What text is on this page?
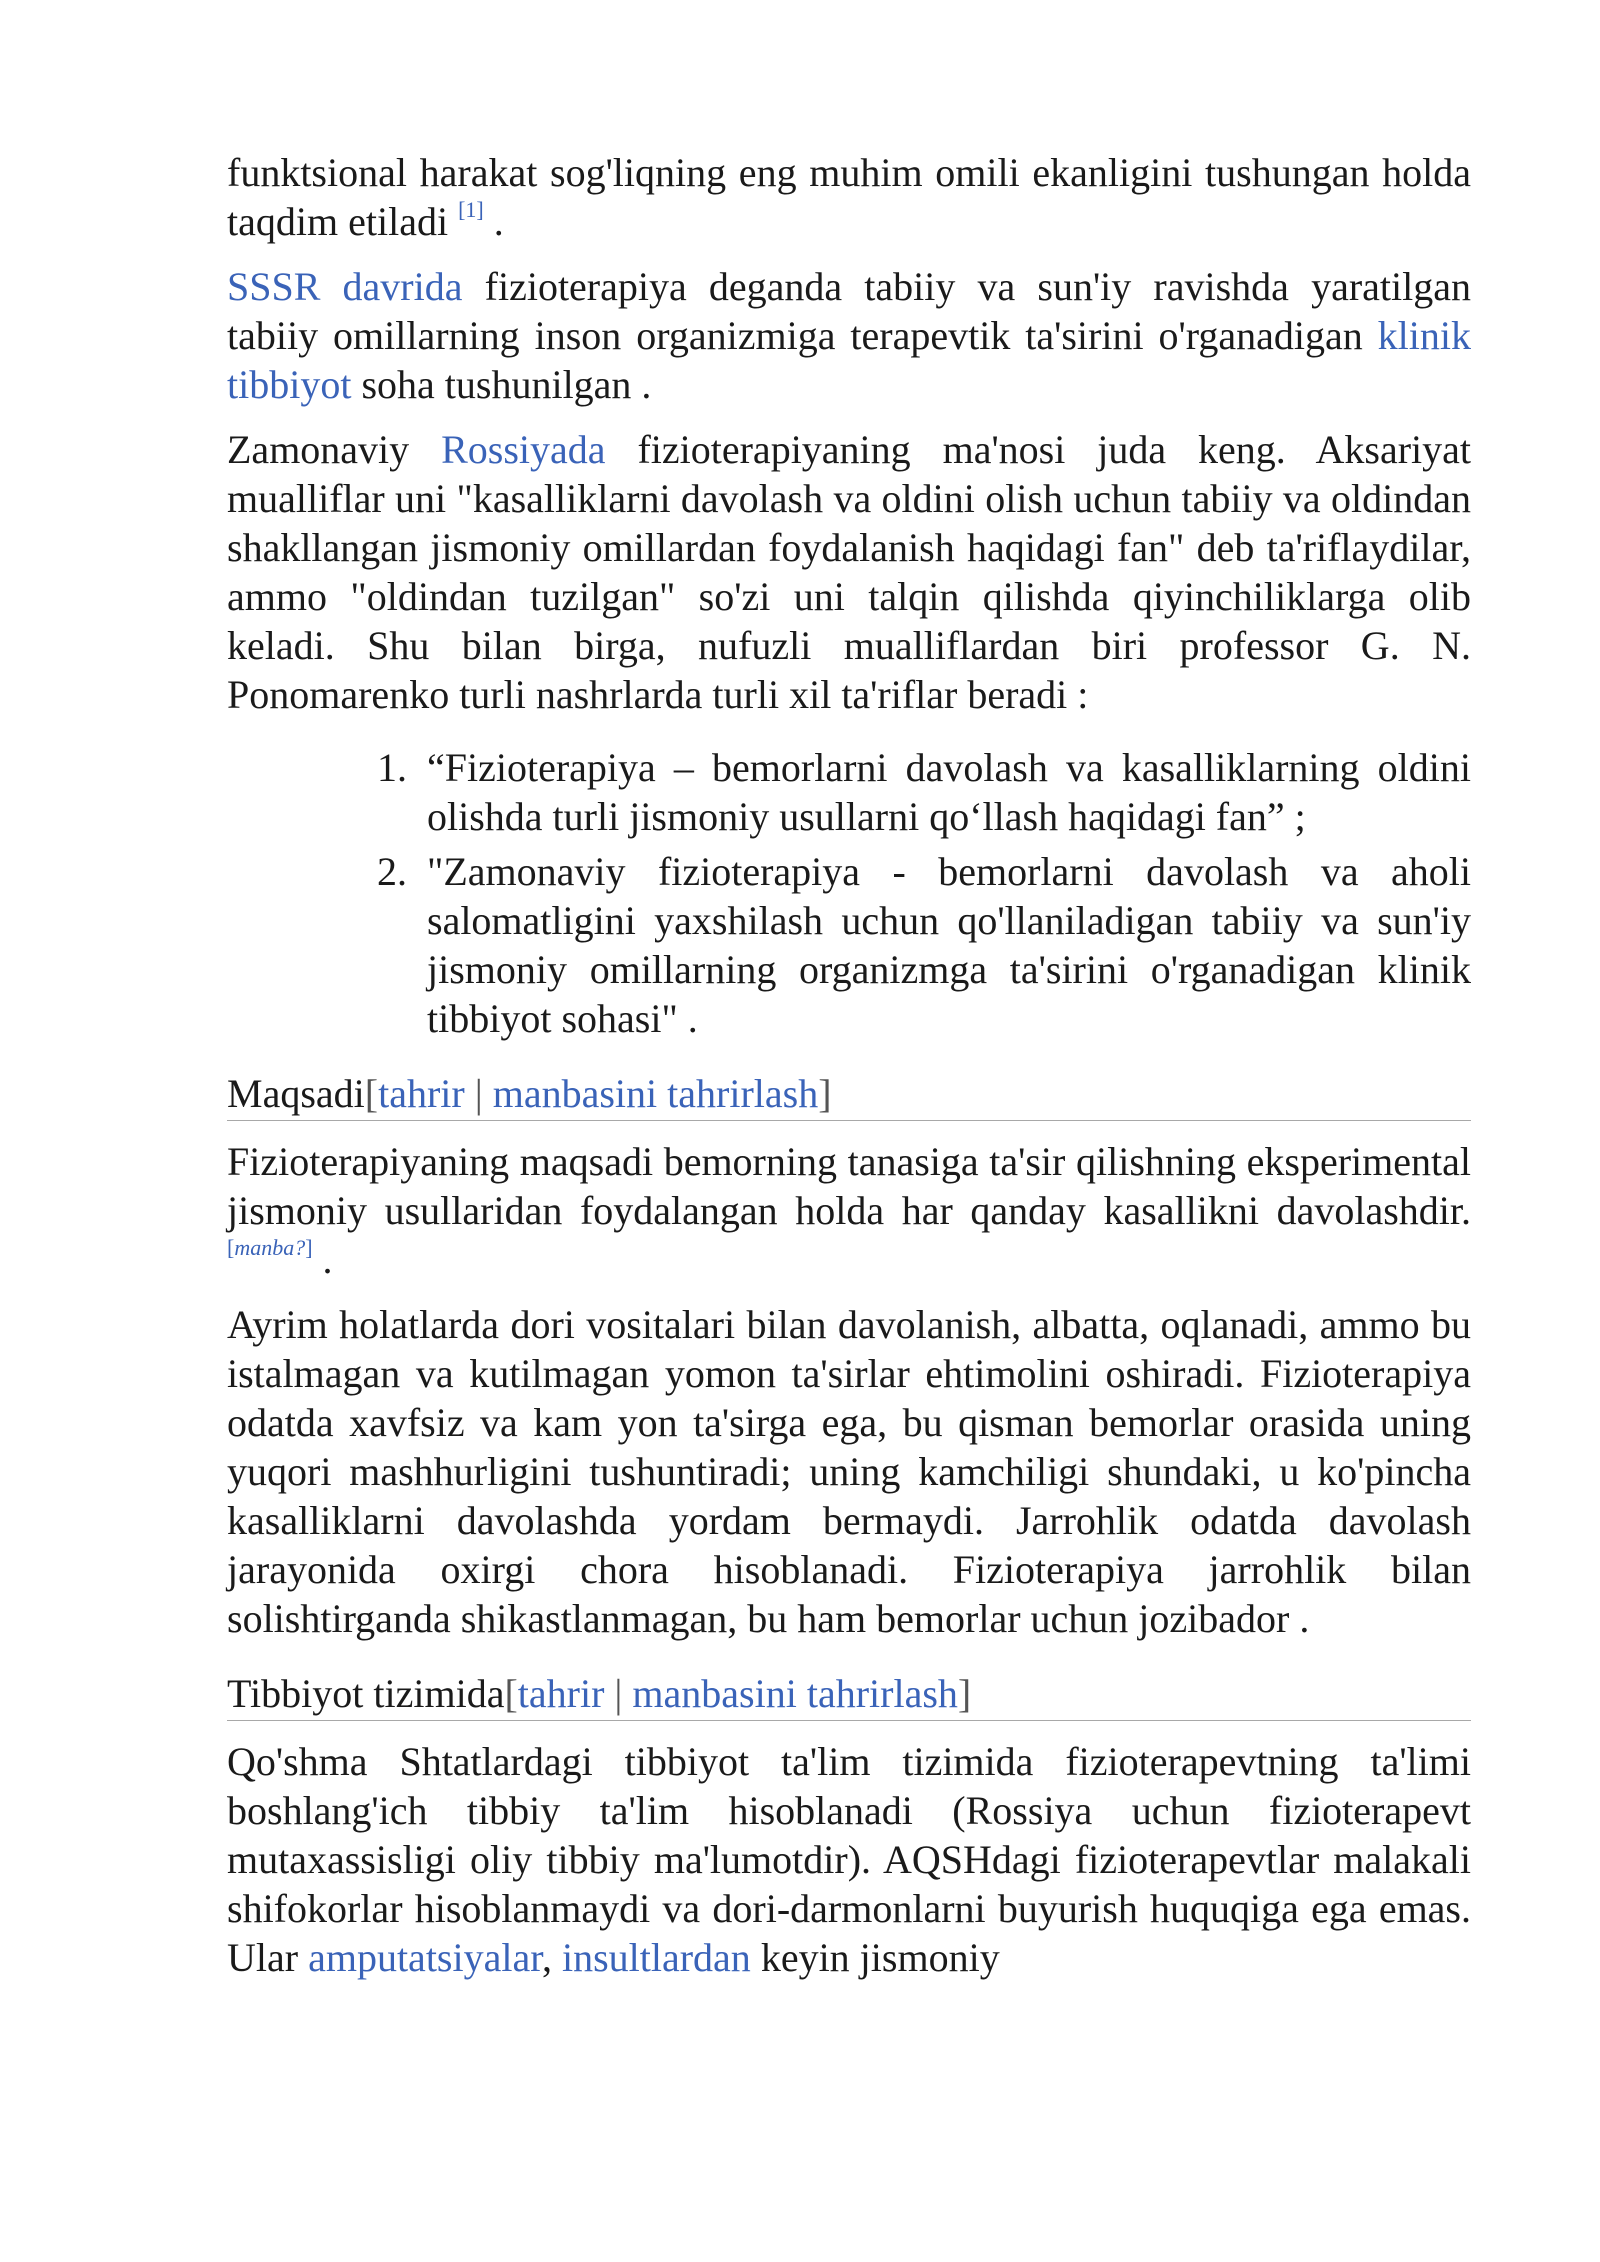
funktsional harakat sog'liqning eng muhim omili ekanligini tushungan holda taqdim etiladi [1] .

SSSR davrida fizioterapiya deganda tabiiy va sun'iy ravishda yaratilgan tabiiy omillarning inson organizmiga terapevtik ta'sirini o'rganadigan klinik tibbiyot soha tushunilgan .

Zamonaviy Rossiyada fizioterapiyaning ma'nosi juda keng. Aksariyat mualliflar uni "kasalliklarni davolash va oldini olish uchun tabiiy va oldindan shakllangan jismoniy omillardan foydalanish haqidagi fan" deb ta'riflaydilar, ammo "oldindan tuzilgan" so'zi uni talqin qilishda qiyinchiliklarga olib keladi. Shu bilan birga, nufuzli mualliflardan biri professor G. N. Ponomarenko turli nashrlarda turli xil ta'riflar beradi :

1. “Fizioterapiya – bemorlarni davolash va kasalliklarning oldini olishda turli jismoniy usullarni qo‘llash haqidagi fan” ;
2. "Zamonaviy fizioterapiya - bemorlarni davolash va aholi salomatligini yaxshilash uchun qo'llaniladigan tabiiy va sun'iy jismoniy omillarning organizmga ta'sirini o'rganadigan klinik tibbiyot sohasi" .
Maqsadi[tahrir | manbasini tahrirlash]

Fizioterapiyaning maqsadi bemorning tanasiga ta'sir qilishning eksperimental jismoniy usullaridan foydalangan holda har qanday kasallikni davolashdir.[manba?] .

Ayrim holatlarda dori vositalari bilan davolanish, albatta, oqlanadi, ammo bu istalmagan va kutilmagan yomon ta'sirlar ehtimolini oshiradi. Fizioterapiya odatda xavfsiz va kam yon ta'sirga ega, bu qisman bemorlar orasida uning yuqori mashhurligini tushuntiradi; uning kamchiligi shundaki, u ko'pincha kasalliklarni davolashda yordam bermaydi. Jarrohlik odatda davolash jarayonida oxirgi chora hisoblanadi. Fizioterapiya jarrohlik bilan solishtirganda shikastlanmagan, bu ham bemorlar uchun jozibador .

Tibbiyot tizimida[tahrir | manbasini tahrirlash]

Qo'shma Shtatlardagi tibbiyot ta'lim tizimida fizioterapevtning ta'limi boshlang'ich tibbiy ta'lim hisoblanadi (Rossiya uchun fizioterapevt mutaxassisligi oliy tibbiy ma'lumotdir). AQSHdagi fizioterapevtlar malakali shifokorlar hisoblanmaydi va dori-darmonlarni buyurish huquqiga ega emas. Ular amputatsiyalar, insultlardan keyin jismoniy
